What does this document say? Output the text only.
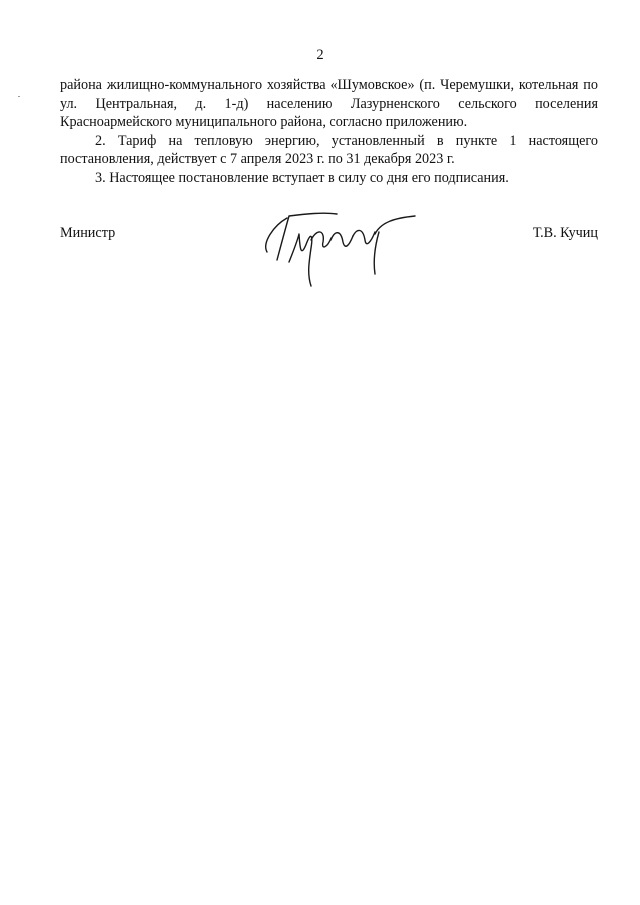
2

района жилищно-коммунального хозяйства «Шумовское» (п. Черемушки, котельная по ул. Центральная, д. 1-д) населению Лазурненского сельского поселения Красноармейского муниципального района, согласно приложению.

2. Тариф на тепловую энергию, установленный в пункте 1 настоящего постановления, действует с 7 апреля 2023 г. по 31 декабря 2023 г.

3. Настоящее постановление вступает в силу со дня его подписания.

Министр	Т.В. Кучиц
